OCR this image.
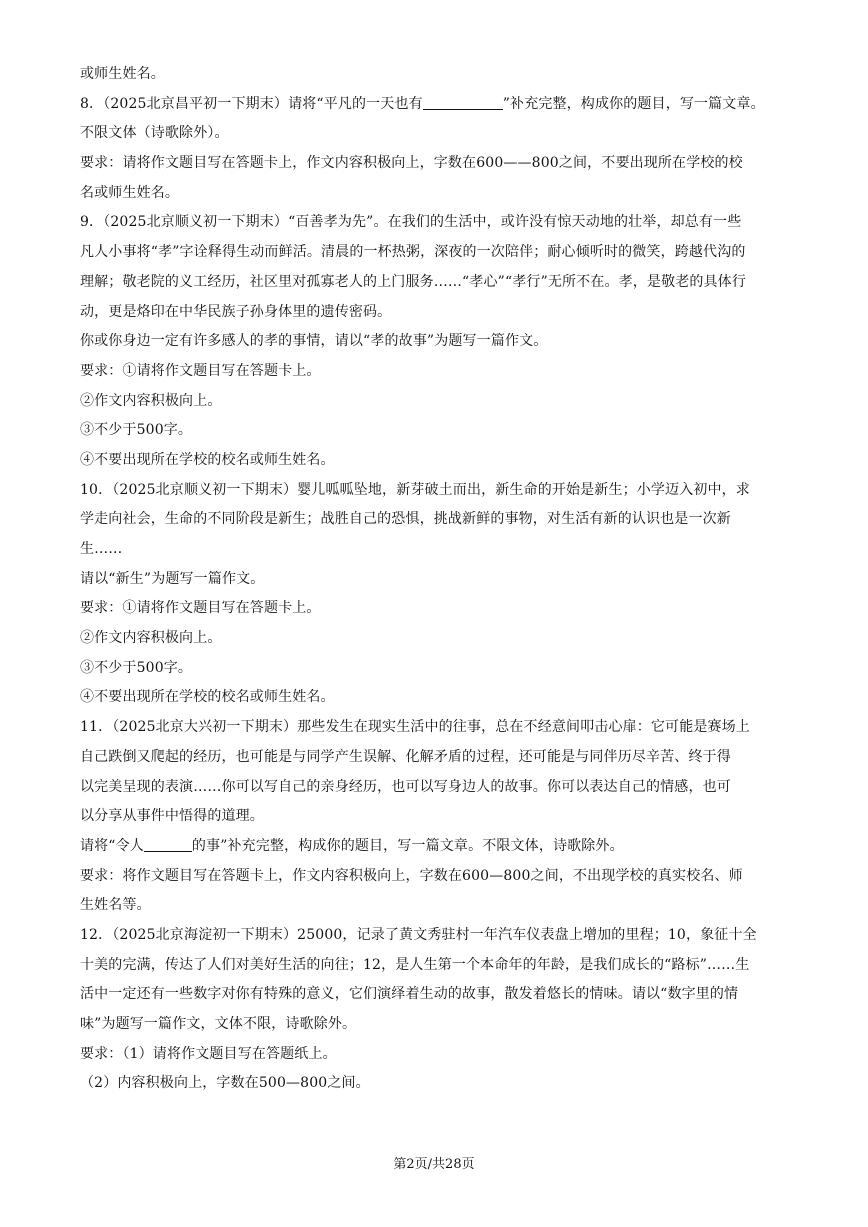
或师生姓名。
8．（2025北京昌平初一下期末）请将“平凡的一天也有	”补充完整，构成你的题目，写一篇文章。
不限文体（诗歌除外）。
要求：请将作文题目写在答题卡上，作文内容积极向上，字数在600——800之间，不要出现所在学校的校
名或师生姓名。
9．（2025北京顺义初一下期末）“百善孝为先”。在我们的生活中，或许没有惊天动地的壮举，却总有一些
凡人小事将“孝”字诠释得生动而鲜活。清晨的一杯热粥，深夜的一次陪伴；耐心倾听时的微笑，跨越代沟的
理解；敬老院的义工经历，社区里对孤寡老人的上门服务……“孝心”“孝行”无所不在。孝，是敬老的具体行
动，更是烙印在中华民族子孙身体里的遗传密码。
你或你身边一定有许多感人的孝的事情，请以“孝的故事”为题写一篇作文。
要求：①请将作文题目写在答题卡上。
②作文内容积极向上。
③不少于500字。
④不要出现所在学校的校名或师生姓名。
10．（2025北京顺义初一下期末）婴儿呱呱坠地，新芽破土而出，新生命的开始是新生；小学迈入初中，求
学走向社会，生命的不同阶段是新生；战胜自己的恐惧，挑战新鲜的事物，对生活有新的认识也是一次新
生……
请以“新生”为题写一篇作文。
要求：①请将作文题目写在答题卡上。
②作文内容积极向上。
③不少于500字。
④不要出现所在学校的校名或师生姓名。
11．（2025北京大兴初一下期末）那些发生在现实生活中的往事，总在不经意间叩击心扉：它可能是赛场上
自己跌倒又爬起的经历，也可能是与同学产生误解、化解矛盾的过程，还可能是与同伴历尽辛苦、终于得
以完美呈现的表演……你可以写自己的亲身经历，也可以写身边人的故事。你可以表达自己的情感，也可
以分享从事件中悟得的道理。
请将“令人	的事”补充完整，构成你的题目，写一篇文章。不限文体，诗歌除外。
要求：将作文题目写在答题卡上，作文内容积极向上，字数在600—800之间，不出现学校的真实校名、师
生姓名等。
12．（2025北京海淀初一下期末）25000，记录了黄文秀驻村一年汽车仪表盘上增加的里程；10，象征十全
十美的完满，传达了人们对美好生活的向往；12，是人生第一个本命年的年龄，是我们成长的“路标”……生
活中一定还有一些数字对你有特殊的意义，它们演绎着生动的故事，散发着悠长的情味。请以“数字里的情
味”为题写一篇作文，文体不限，诗歌除外。
要求：（1）请将作文题目写在答题纸上。
（2）内容积极向上，字数在500—800之间。
第2页/共28页
